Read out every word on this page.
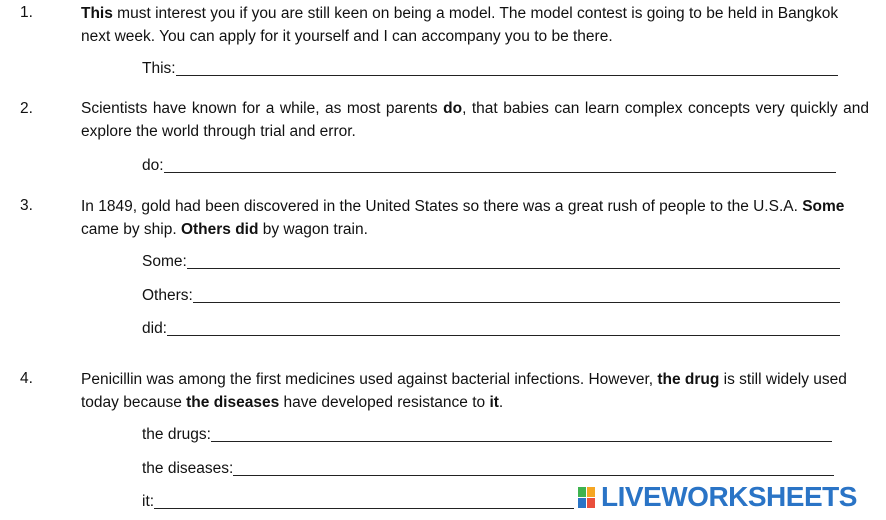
1.	This must interest you if you are still keen on being a model. The model contest is going to be held in Bangkok next week. You can apply for it yourself and I can accompany you to be there.
This:
2.	Scientists have known for a while, as most parents do, that babies can learn complex concepts very quickly and explore the world through trial and error.
do:
3.	In 1849, gold had been discovered in the United States so there was a great rush of people to the U.S.A. Some came by ship. Others did by wagon train.
Some:
Others:
did:
4.	Penicillin was among the first medicines used against bacterial infections. However, the drug is still widely used today because the diseases have developed resistance to it.
the drugs:
the diseases:
it:	LIVEWORKSHEETS
